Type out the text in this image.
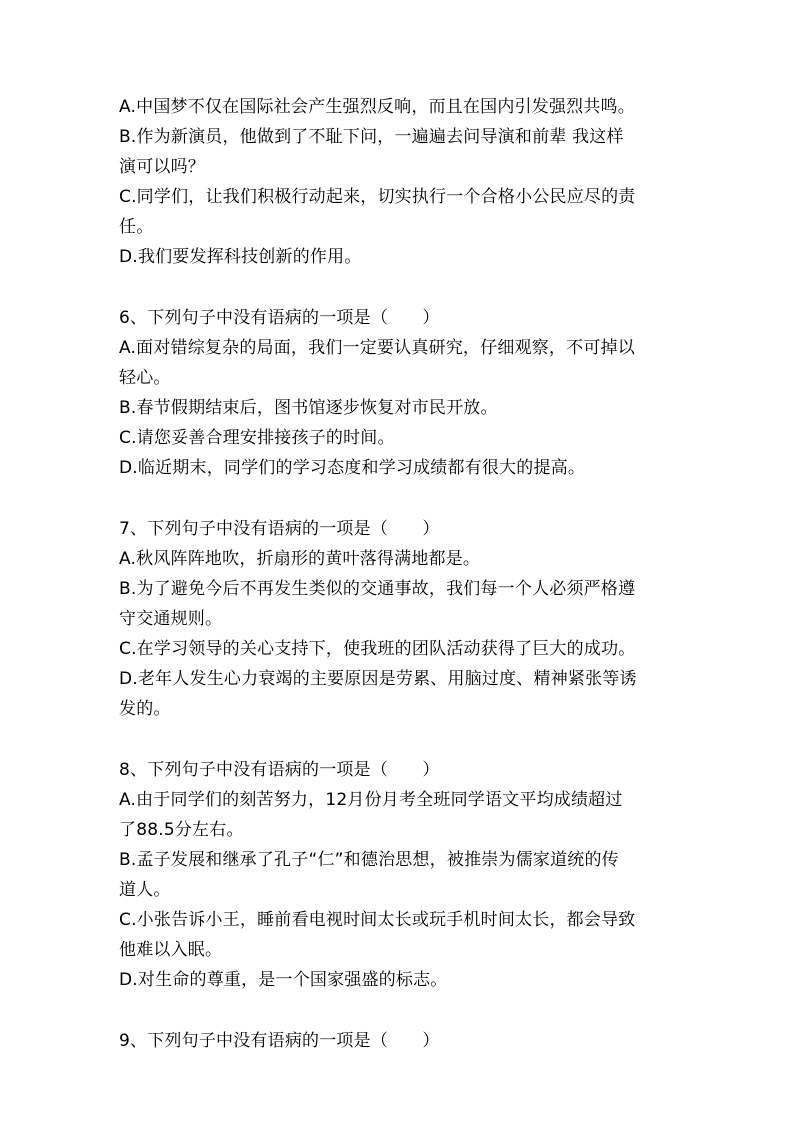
A.中国梦不仅在国际社会产生强烈反响，而且在国内引发强烈共鸣。
B.作为新演员，他做到了不耻下问，一遍遍去问导演和前辈 我这样
演可以吗？
C.同学们，让我们积极行动起来，切实执行一个合格小公民应尽的责
任。
D.我们要发挥科技创新的作用。
6、下列句子中没有语病的一项是（　　）
A.面对错综复杂的局面，我们一定要认真研究，仔细观察，不可掉以
轻心。
B.春节假期结束后，图书馆逐步恢复对市民开放。
C.请您妥善合理安排接孩子的时间。
D.临近期末，同学们的学习态度和学习成绩都有很大的提高。
7、下列句子中没有语病的一项是（　　）
A.秋风阵阵地吹，折扇形的黄叶落得满地都是。
B.为了避免今后不再发生类似的交通事故，我们每一个人必须严格遵
守交通规则。
C.在学习领导的关心支持下，使我班的团队活动获得了巨大的成功。
D.老年人发生心力衰竭的主要原因是劳累、用脑过度、精神紧张等诱
发的。
8、下列句子中没有语病的一项是（　　）
A.由于同学们的刻苦努力，12月份月考全班同学语文平均成绩超过
了88.5分左右。
B.孟子发展和继承了孔子“仁”和德治思想，被推崇为儒家道统的传
道人。
C.小张告诉小王，睡前看电视时间太长或玩手机时间太长，都会导致
他难以入眠。
D.对生命的尊重，是一个国家强盛的标志。
9、下列句子中没有语病的一项是（　　）
